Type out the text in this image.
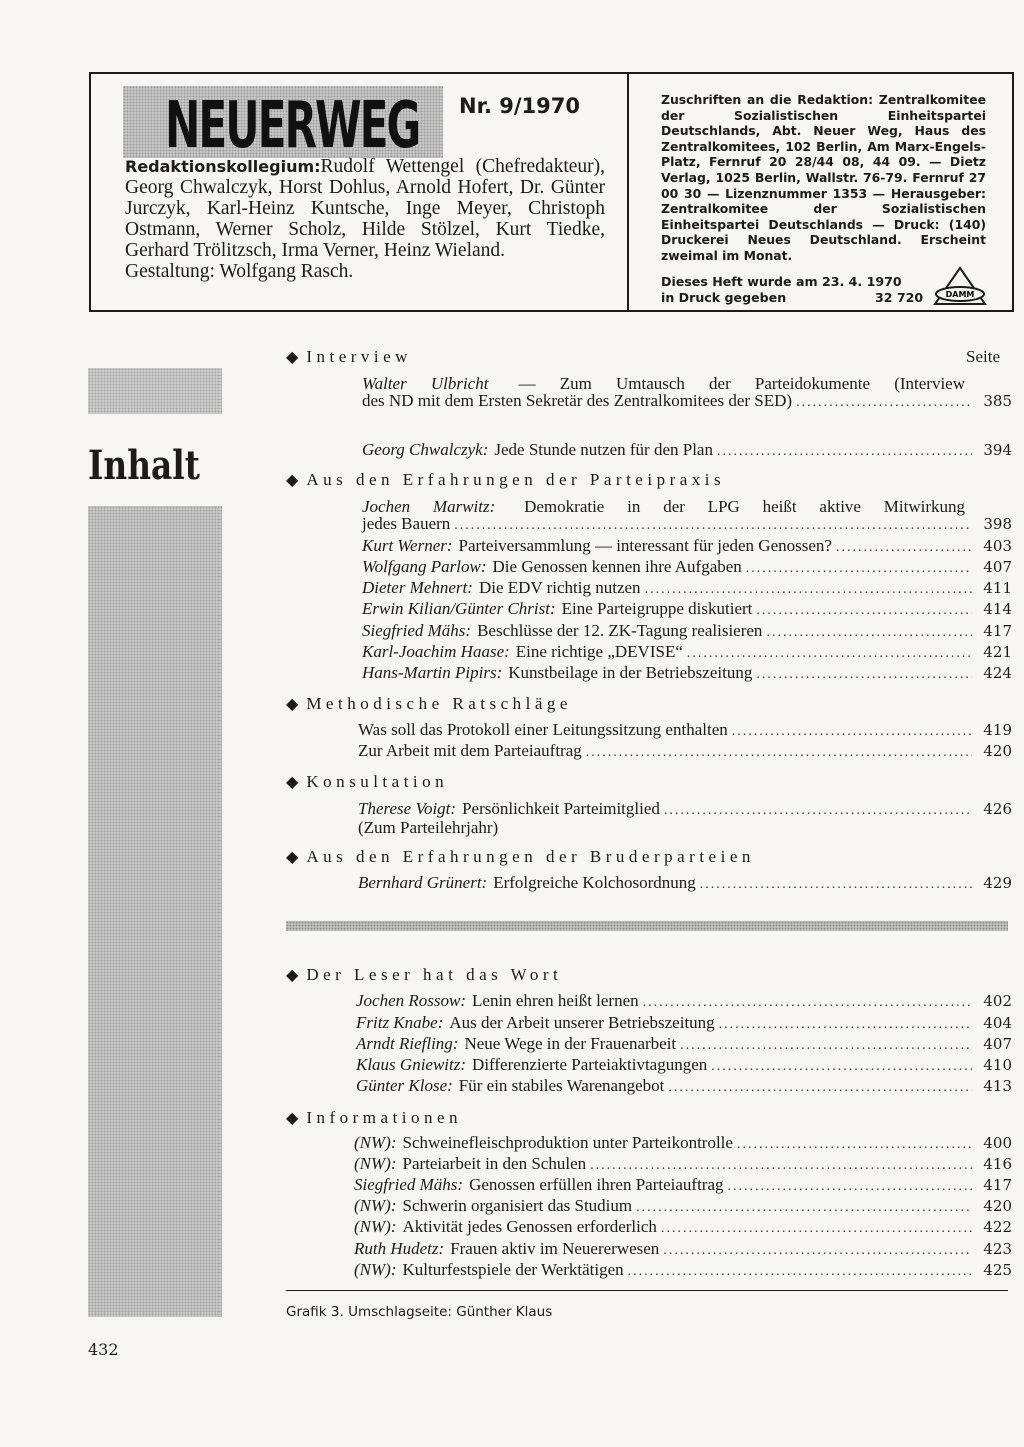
NEUERWEG Nr. 9/1970
Redaktionskollegium:Rudolf Wettengel (Chefredakteur), Georg Chwalczyk, Horst Dohlus, Arnold Hofert, Dr. Günter Jurczyk, Karl-Heinz Kuntsche, Inge Meyer, Christoph Ostmann, Werner Scholz, Hilde Stölzel, Kurt Tiedke, Gerhard Trölitzsch, Irma Verner, Heinz Wieland.
Gestaltung: Wolfgang Rasch.
Zuschriften an die Redaktion: Zentralkomitee der Sozialistischen Einheitspartei Deutschlands, Abt. Neuer Weg, Haus des Zentralkomitees, 102 Berlin, Am Marx-Engels-Platz, Fernruf 20 28/44 08, 44 09. — Dietz Verlag, 1025 Berlin, Wallstr. 76-79. Fernruf 27 00 30 — Lizenznummer 1353 — Herausgeber: Zentralkomitee der Sozialistischen Einheitspartei Deutschlands — Druck: (140) Druckerei Neues Deutschland. Erscheint zweimal im Monat.
Dieses Heft wurde am 23. 4. 1970
in Druck gegeben	32 720	DAMM
Inhalt
Seite
◆ Interview
Walter Ulbricht — Zum Umtausch der Parteidokumente (Interview
des ND mit dem Ersten Sekretär des Zentralkomitees der SED) .....	385
Georg Chwalczyk: Jede Stunde nutzen für den Plan .....	394
◆ Aus den Erfahrungen der Parteipraxis
Jochen Marwitz: Demokratie in der LPG heißt aktive Mitwirkung
jedes Bauern .....	398
Kurt Werner: Parteiversammlung — interessant für jeden Genossen? .....	403
Wolfgang Parlow: Die Genossen kennen ihre Aufgaben .....	407
Dieter Mehnert: Die EDV richtig nutzen .....	411
Erwin Kilian/Günter Christ: Eine Parteigruppe diskutiert .....	414
Siegfried Mähs: Beschlüsse der 12. ZK-Tagung realisieren .....	417
Karl-Joachim Haase: Eine richtige „DEVISE“ .....	421
Hans-Martin Pipirs: Kunstbeilage in der Betriebszeitung .....	424
◆ Methodische Ratschläge
Was soll das Protokoll einer Leitungssitzung enthalten .....	419
Zur Arbeit mit dem Parteiauftrag .....	420
◆ Konsultation
Therese Voigt: Persönlichkeit Parteimitglied .....	426
(Zum Parteilehrjahr)
◆ Aus den Erfahrungen der Bruderparteien
Bernhard Grünert: Erfolgreiche Kolchosordnung .....	429
◆ Der Leser hat das Wort
Jochen Rossow: Lenin ehren heißt lernen .....	402
Fritz Knabe: Aus der Arbeit unserer Betriebszeitung .....	404
Arndt Riefling: Neue Wege in der Frauenarbeit .....	407
Klaus Gniewitz: Differenzierte Parteiaktivtagungen .....	410
Günter Klose: Für ein stabiles Warenangebot .....	413
◆ Informationen
(NW): Schweinefleischproduktion unter Parteikontrolle .....	400
(NW): Parteiarbeit in den Schulen .....	416
Siegfried Mähs: Genossen erfüllen ihren Parteiauftrag .....	417
(NW): Schwerin organisiert das Studium .....	420
(NW): Aktivität jedes Genossen erforderlich .....	422
Ruth Hudetz: Frauen aktiv im Neuererwesen .....	423
(NW): Kulturfestspiele der Werktätigen .....	425
Grafik 3. Umschlagseite: Günther Klaus
432
